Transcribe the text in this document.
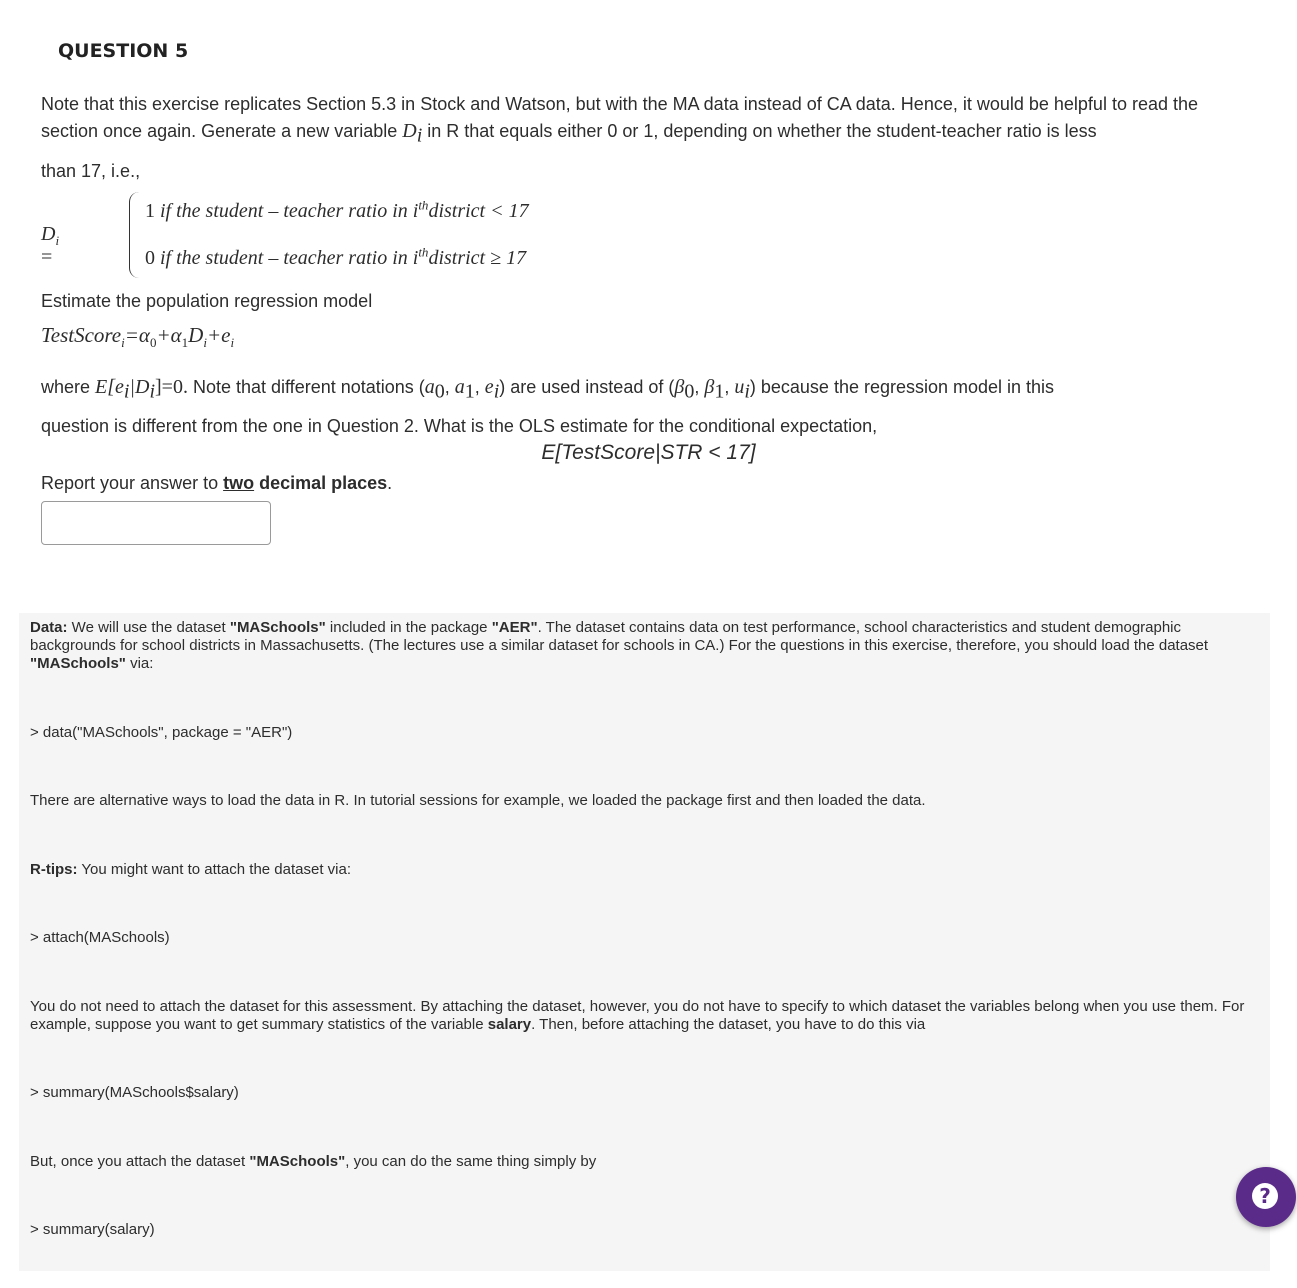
QUESTION 5
Note that this exercise replicates Section 5.3 in Stock and Watson, but with the MA data instead of CA data. Hence, it would be helpful to read the section once again. Generate a new variable $D_i$ in R that equals either 0 or 1, depending on whether the student-teacher ratio is less
than 17, i.e.,
$D_i$ =
1 if the student – teacher ratio in $i^{th}district < 17$
0 if the student – teacher ratio in $i^{th}district \ge 17$
Estimate the population regression model
$TestScore_i=\alpha_0+\alpha_1D_i+e_i$
where $E[e_i|D_i]=0$. Note that different notations ($a_0$, $a_1$, $e_i$) are used instead of ($\beta_0$, $\beta_1$, $u_i$) because the regression model in this
question is different from the one in Question 2. What is the OLS estimate for the conditional expectation,
E[TestScore|STR < 17]
Report your answer to two decimal places.
Data: We will use the dataset "MASchools" included in the package "AER". The dataset contains data on test performance, school characteristics and student demographic backgrounds for school districts in Massachusetts. (The lectures use a similar dataset for schools in CA.) For the questions in this exercise, therefore, you should load the dataset "MASchools" via:
> data("MASchools", package = "AER")
There are alternative ways to load the data in R. In tutorial sessions for example, we loaded the package first and then loaded the data.
R-tips: You might want to attach the dataset via:
> attach(MASchools)
You do not need to attach the dataset for this assessment. By attaching the dataset, however, you do not have to specify to which dataset the variables belong when you use them. For example, suppose you want to get summary statistics of the variable salary. Then, before attaching the dataset, you have to do this via
> summary(MASchools$salary)
But, once you attach the dataset "MASchools", you can do the same thing simply by
> summary(salary)
?
